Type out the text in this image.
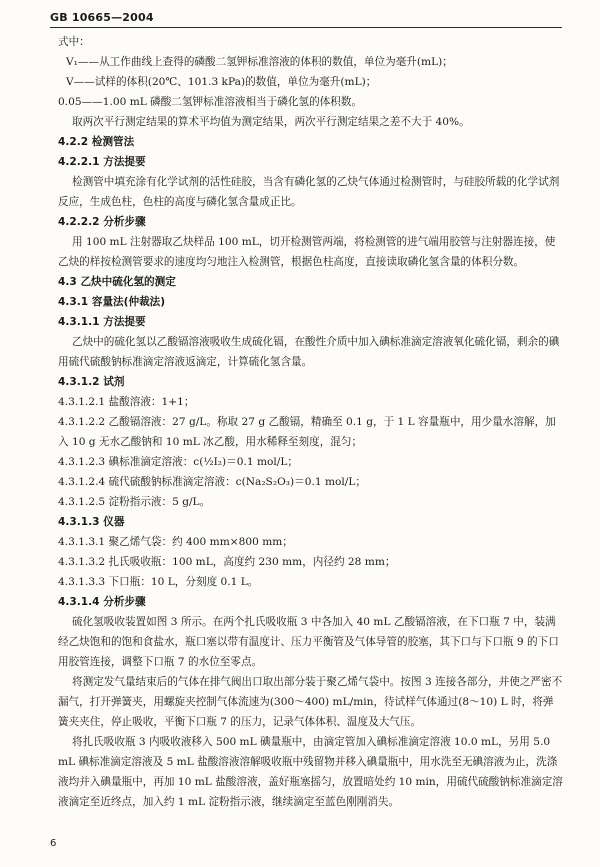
GB 10665—2004
式中：
V₁——从工作曲线上查得的磷酸二氢钾标准溶液的体积的数值，单位为毫升(mL)；
V——试样的体积(20℃、101.3 kPa)的数值，单位为毫升(mL)；
0.05——1.00 mL 磷酸二氢钾标准溶液相当于磷化氢的体积数。
取两次平行测定结果的算术平均值为测定结果，两次平行测定结果之差不大于 40%。
4.2.2 检测管法
4.2.2.1 方法提要
检测管中填充涂有化学试剂的活性硅胶，当含有磷化氢的乙炔气体通过检测管时，与硅胶所载的化学试剂反应，生成色柱，色柱的高度与磷化氢含量成正比。
4.2.2.2 分析步骤
用 100 mL 注射器取乙炔样品 100 mL，切开检测管两端，将检测管的进气端用胶管与注射器连接，使乙炔的样按检测管要求的速度均匀地注入检测管，根据色柱高度，直接读取磷化氢含量的体积分数。
4.3 乙炔中硫化氢的测定
4.3.1 容量法(仲裁法)
4.3.1.1 方法提要
乙炔中的硫化氢以乙酸镉溶液吸收生成硫化镉，在酸性介质中加入碘标准滴定溶液氧化硫化镉，剩余的碘用硫代硫酸钠标准滴定溶液返滴定，计算硫化氢含量。
4.3.1.2 试剂
4.3.1.2.1 盐酸溶液：1+1；
4.3.1.2.2 乙酸镉溶液：27 g/L。称取 27 g 乙酸镉，精确至 0.1 g，于 1 L 容量瓶中，用少量水溶解，加入 10 g 无水乙酸钠和 10 mL 冰乙酸，用水稀释至刻度，混匀；
4.3.1.2.3 碘标准滴定溶液：c(½I₂)＝0.1 mol/L；
4.3.1.2.4 硫代硫酸钠标准滴定溶液：c(Na₂S₂O₃)＝0.1 mol/L；
4.3.1.2.5 淀粉指示液：5 g/L。
4.3.1.3 仪器
4.3.1.3.1 聚乙烯气袋：约 400 mm×800 mm；
4.3.1.3.2 扎氏吸收瓶：100 mL，高度约 230 mm，内径约 28 mm；
4.3.1.3.3 下口瓶：10 L，分刻度 0.1 L。
4.3.1.4 分析步骤
硫化氢吸收装置如图 3 所示。在两个扎氏吸收瓶 3 中各加入 40 mL 乙酸镉溶液，在下口瓶 7 中，装满经乙炔饱和的饱和食盐水，瓶口塞以带有温度计、压力平衡管及气体导管的胶塞，其下口与下口瓶 9 的下口用胶管连接，调整下口瓶 7 的水位至零点。
将测定发气量结束后的气体在排气阀出口取出部分装于聚乙烯气袋中。按图 3 连接各部分，并使之严密不漏气，打开弹簧夹，用螺旋夹控制气体流速为(300～400) mL/min，待试样气体通过(8～10) L 时，将弹簧夹夹住，停止吸收，平衡下口瓶 7 的压力，记录气体体积、温度及大气压。
将扎氏吸收瓶 3 内吸收液移入 500 mL 碘量瓶中，由滴定管加入碘标准滴定溶液 10.0 mL，另用 5.0 mL 碘标准滴定溶液及 5 mL 盐酸溶液溶解吸收瓶中残留物并移入碘量瓶中，用水洗至无碘溶液为止，洗涤液均并入碘量瓶中，再加 10 mL 盐酸溶液，盖好瓶塞摇匀，放置暗处约 10 min，用硫代硫酸钠标准滴定溶液滴定至近终点，加入约 1 mL 淀粉指示液，继续滴定至蓝色刚刚消失。
6
